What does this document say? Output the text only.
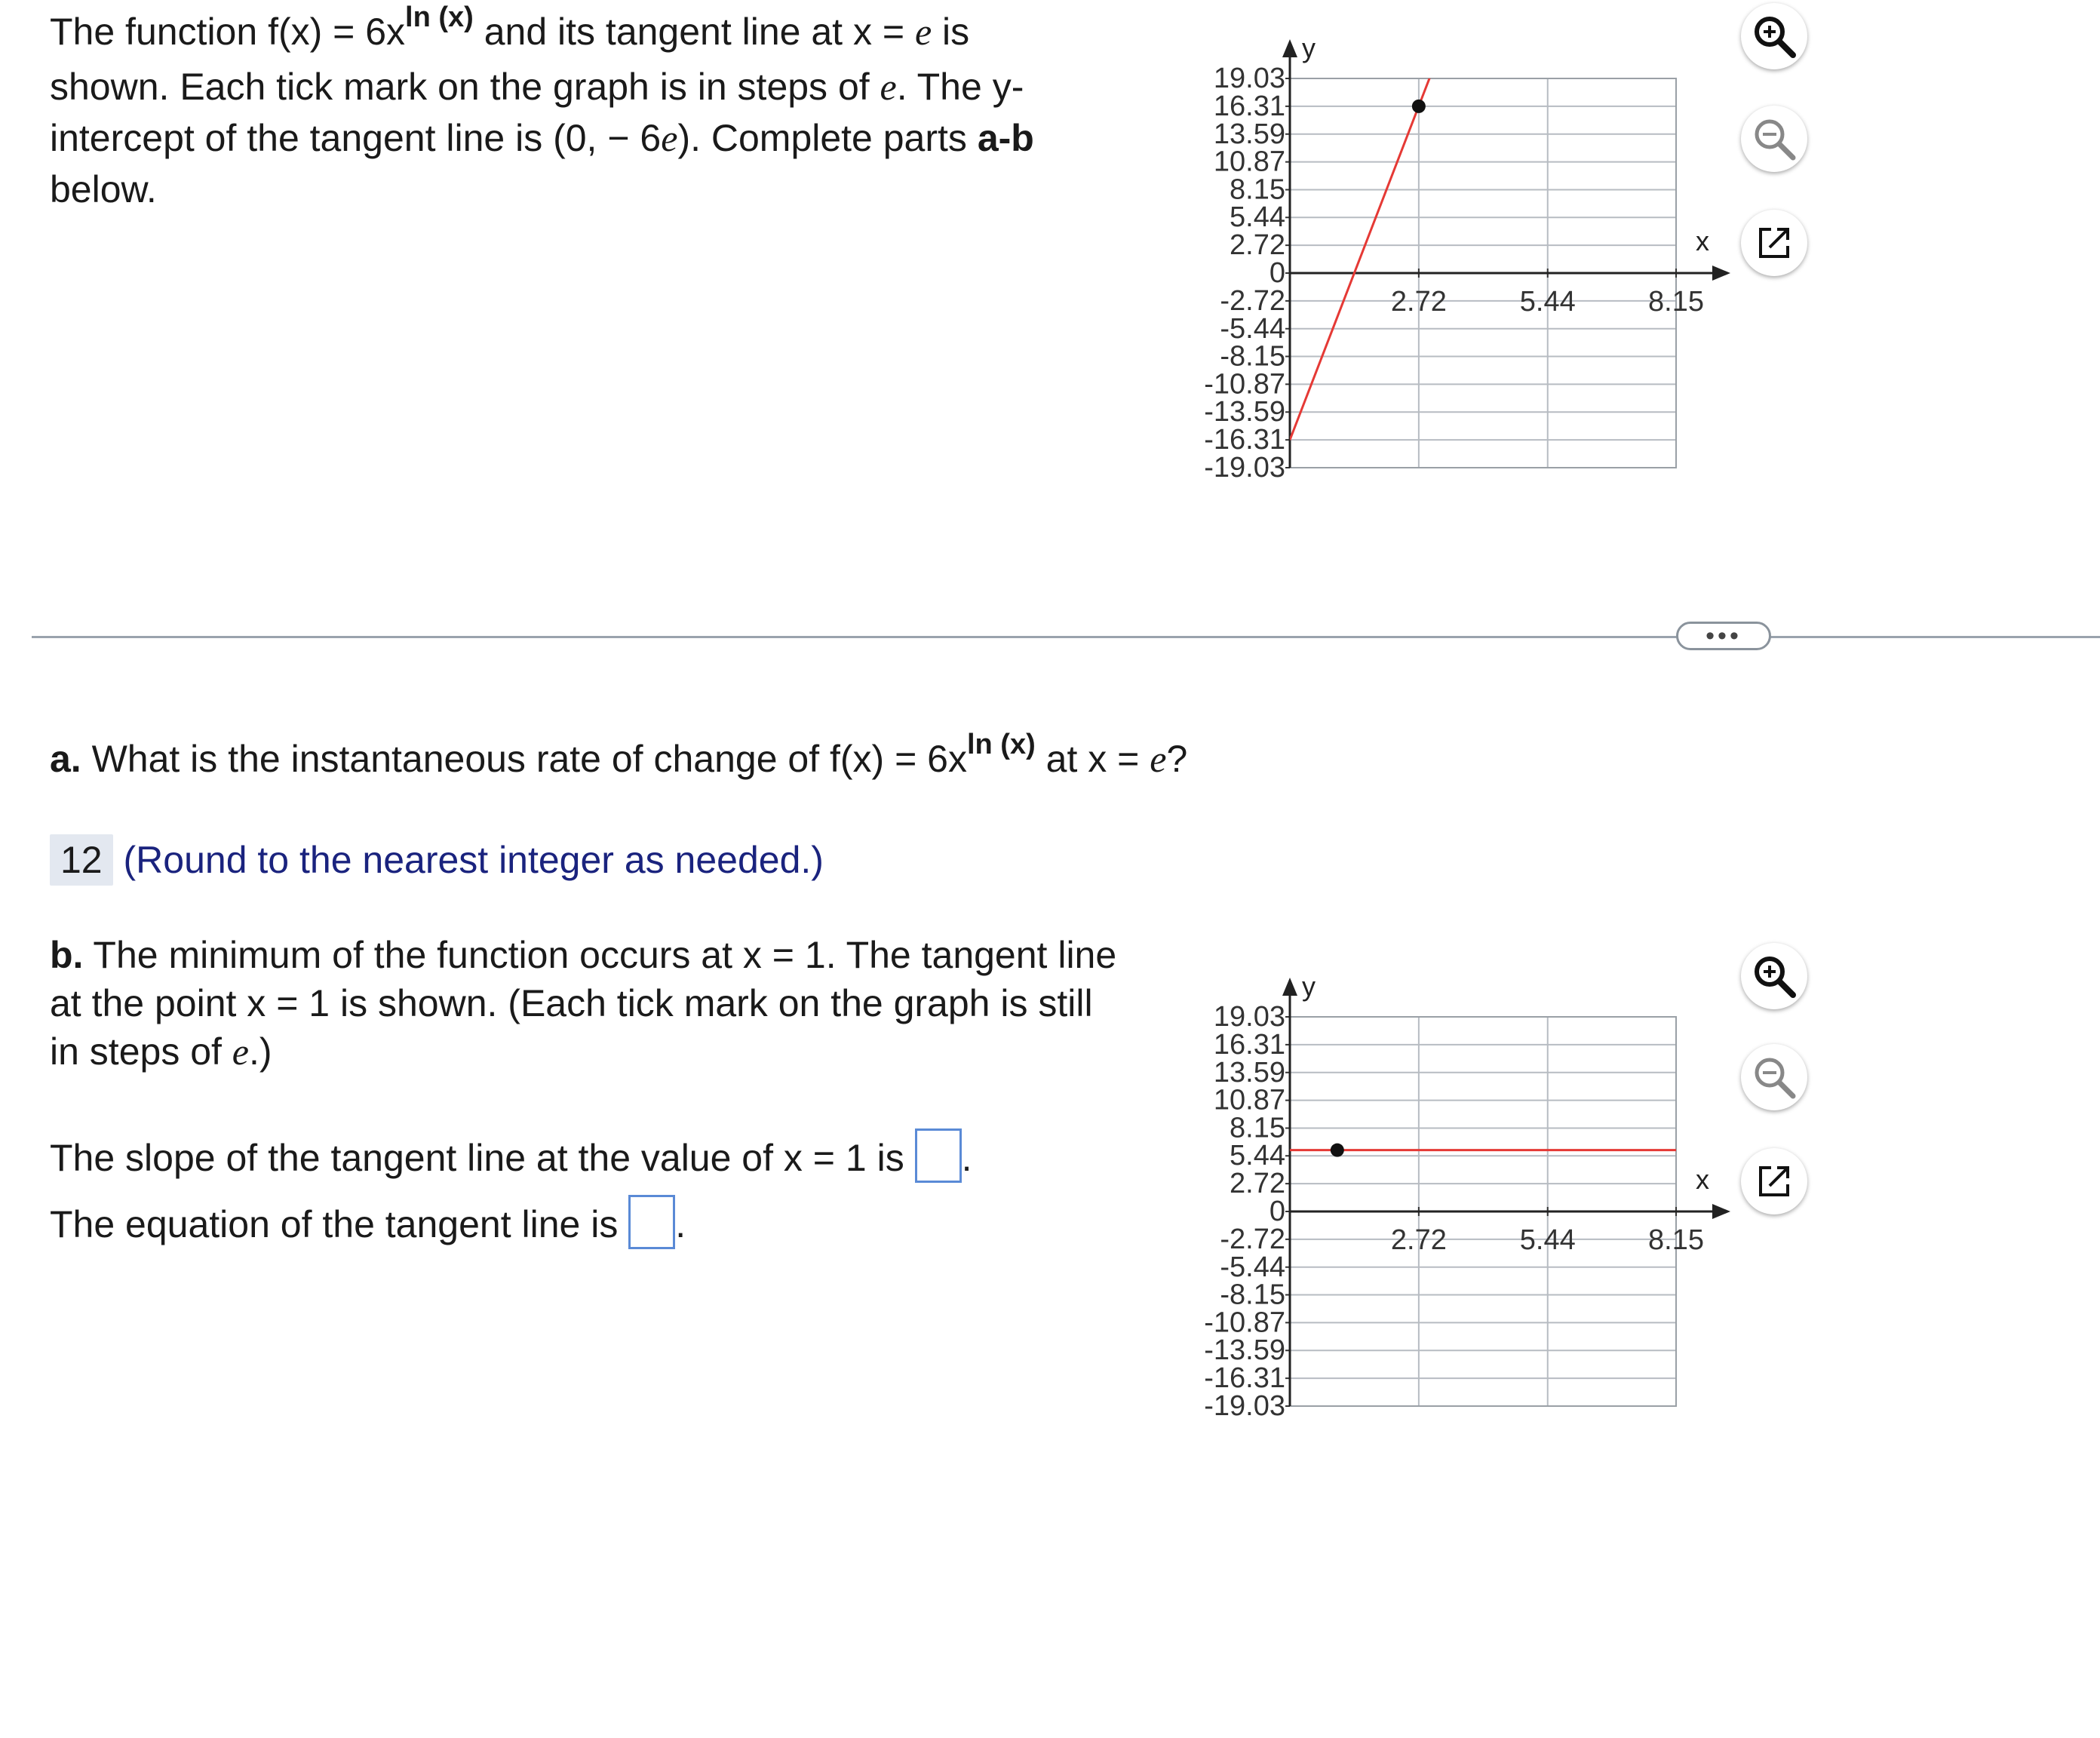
The function $f(x) = 6x^{ln (x)}$ and its tangent line at x = e is shown. Each tick mark on the graph is in steps of e. The y-intercept of the tangent line is (0, − 6e). Complete parts a-b below.

19.03
16.31
13.59
10.87
8.15
5.44
2.72
0
-2.72
-5.44
-8.15
-10.87
-13.59
-16.31
-19.03
2.72	5.44	8.15
x
y
•••

a. What is the instantaneous rate of change of $f(x) = 6x^{ln (x)}$ at x = e?

12 (Round to the nearest integer as needed.)

b. The minimum of the function occurs at x = 1. The tangent line at the point x = 1 is shown. (Each tick mark on the graph is still in steps of e.)

The slope of the tangent line at the value of x = 1 is .

The equation of the tangent line is .

19.03
16.31
13.59
10.87
8.15
5.44
2.72
0
-2.72
-5.44
-8.15
-10.87
-13.59
-16.31
-19.03
2.72	5.44	8.15
x
y
